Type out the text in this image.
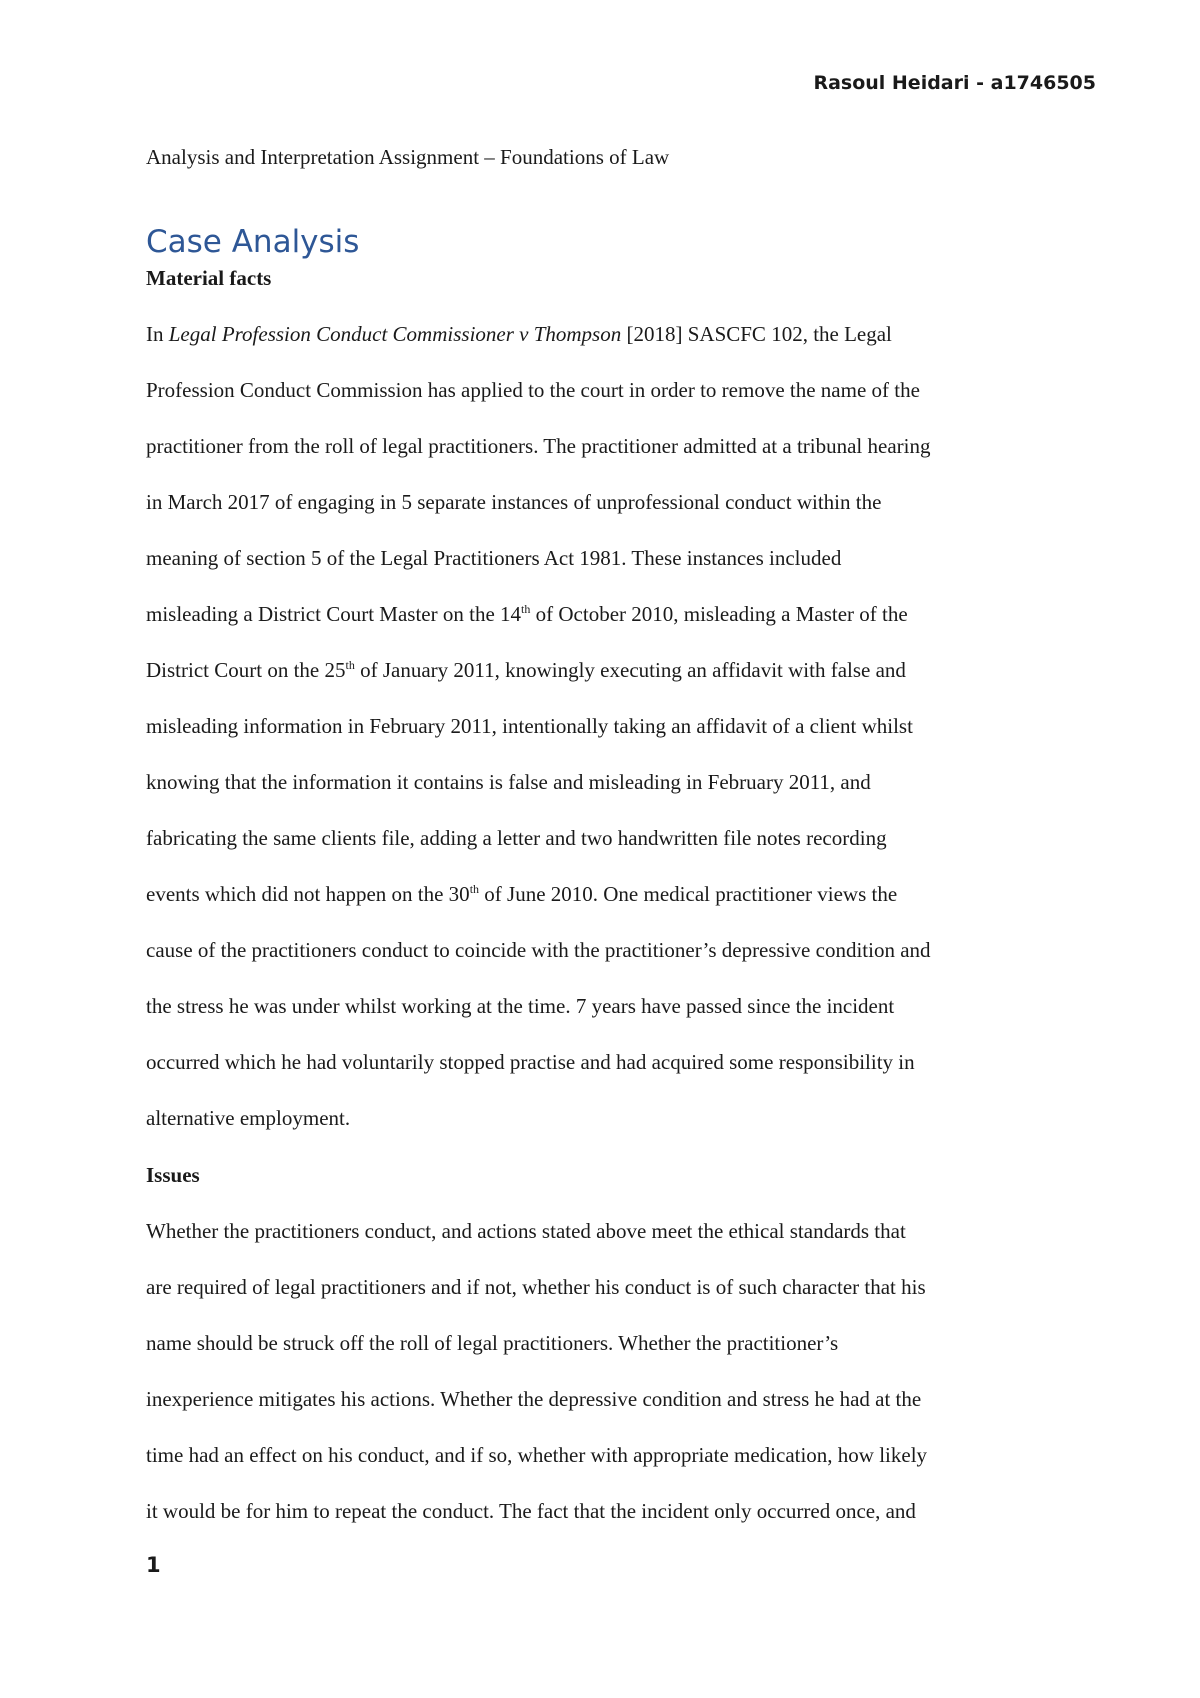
Rasoul Heidari - a1746505
Analysis and Interpretation Assignment – Foundations of Law
Case Analysis
Material facts
In Legal Profession Conduct Commissioner v Thompson [2018] SASCFC 102, the Legal
Profession Conduct Commission has applied to the court in order to remove the name of the
practitioner from the roll of legal practitioners. The practitioner admitted at a tribunal hearing
in March 2017 of engaging in 5 separate instances of unprofessional conduct within the
meaning of section 5 of the Legal Practitioners Act 1981. These instances included
misleading a District Court Master on the 14th of October 2010, misleading a Master of the
District Court on the 25th of January 2011, knowingly executing an affidavit with false and
misleading information in February 2011, intentionally taking an affidavit of a client whilst
knowing that the information it contains is false and misleading in February 2011, and
fabricating the same clients file, adding a letter and two handwritten file notes recording
events which did not happen on the 30th of June 2010. One medical practitioner views the
cause of the practitioners conduct to coincide with the practitioner’s depressive condition and
the stress he was under whilst working at the time. 7 years have passed since the incident
occurred which he had voluntarily stopped practise and had acquired some responsibility in
alternative employment.
Issues
Whether the practitioners conduct, and actions stated above meet the ethical standards that
are required of legal practitioners and if not, whether his conduct is of such character that his
name should be struck off the roll of legal practitioners. Whether the practitioner’s
inexperience mitigates his actions. Whether the depressive condition and stress he had at the
time had an effect on his conduct, and if so, whether with appropriate medication, how likely
it would be for him to repeat the conduct. The fact that the incident only occurred once, and
1
